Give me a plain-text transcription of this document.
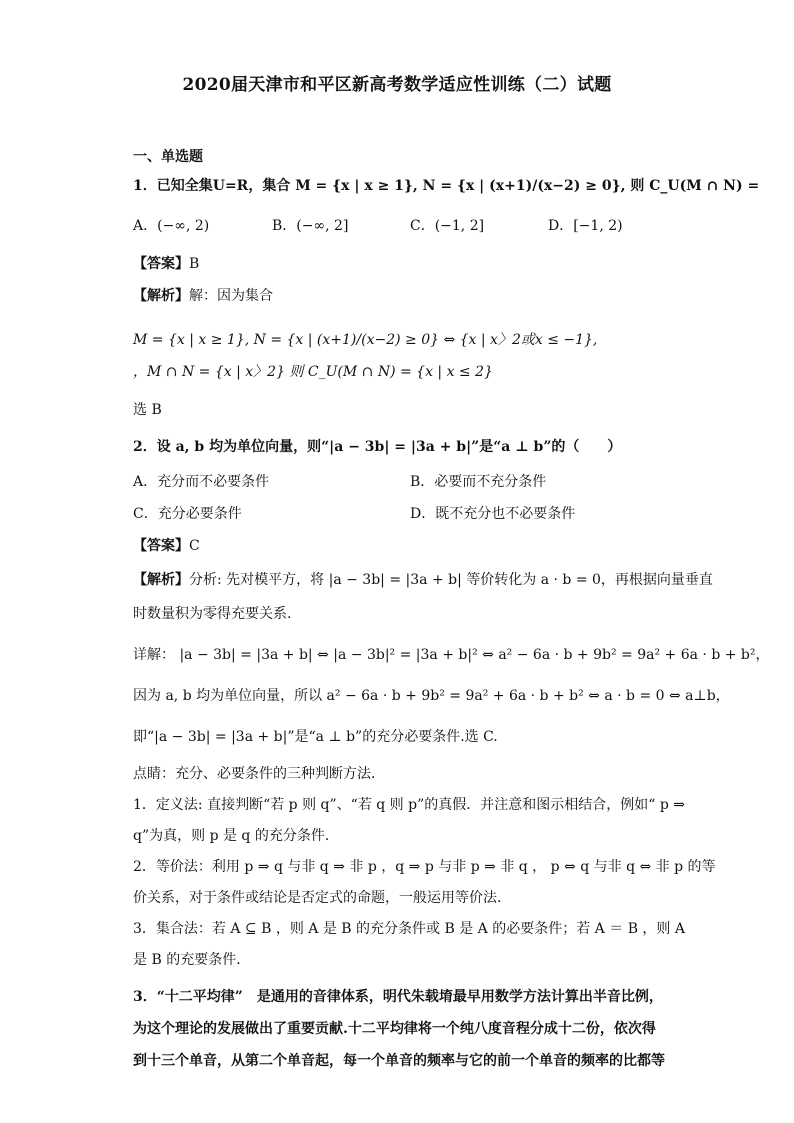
2020届天津市和平区新高考数学适应性训练（二）试题
一、单选题
1．已知全集U=R，集合 M = {x | x ≥ 1}, N = {x | (x+1)/(x−2) ≥ 0}, 则 C_U(M ∩ N) =
A．(−∞, 2)	B．(−∞, 2]	C．(−1, 2]	D．[−1, 2)
【答案】B
【解析】解：因为集合
M = {x | x ≥ 1}, N = {x | (x+1)/(x−2) ≥ 0} ⇔ {x | x〉2或x ≤ −1},
，M ∩ N = {x | x〉2} 则 C_U(M ∩ N) = {x | x ≤ 2}
选 B
2．设 a, b 均为单位向量，则“|a − 3b| = |3a + b|”是“a ⊥ b”的（　　）
A．充分而不必要条件	B．必要而不充分条件
C．充分必要条件	D．既不充分也不必要条件
【答案】C
【解析】分析: 先对模平方，将 |a − 3b| = |3a + b| 等价转化为 a · b = 0，再根据向量垂直
时数量积为零得充要关系.
详解： |a − 3b| = |3a + b| ⇔ |a − 3b|² = |3a + b|² ⇔ a² − 6a · b + 9b² = 9a² + 6a · b + b²，
因为 a, b 均为单位向量，所以 a² − 6a · b + 9b² = 9a² + 6a · b + b² ⇔ a · b = 0 ⇔ a⊥b，
即“|a − 3b| = |3a + b|”是“a ⊥ b”的充分必要条件.选 C.
点睛：充分、必要条件的三种判断方法．
1．定义法: 直接判断“若 p 则 q”、“若 q 则 p”的真假．并注意和图示相结合，例如“ p ⇒
q”为真，则 p 是 q 的充分条件．
2．等价法：利用 p ⇒ q 与非 q ⇒ 非 p ，q ⇒ p 与非 p ⇒ 非 q ， p ⇔ q 与非 q ⇔ 非 p 的等
价关系，对于条件或结论是否定式的命题，一般运用等价法．
3．集合法：若 A ⊆ B ，则 A 是 B 的充分条件或 B 是 A 的必要条件；若 A ＝ B ，则 A
是 B 的充要条件．
3．“十二平均律”　是通用的音律体系，明代朱载堉最早用数学方法计算出半音比例，
为这个理论的发展做出了重要贡献.十二平均律将一个纯八度音程分成十二份，依次得
到十三个单音，从第二个单音起，每一个单音的频率与它的前一个单音的频率的比都等
